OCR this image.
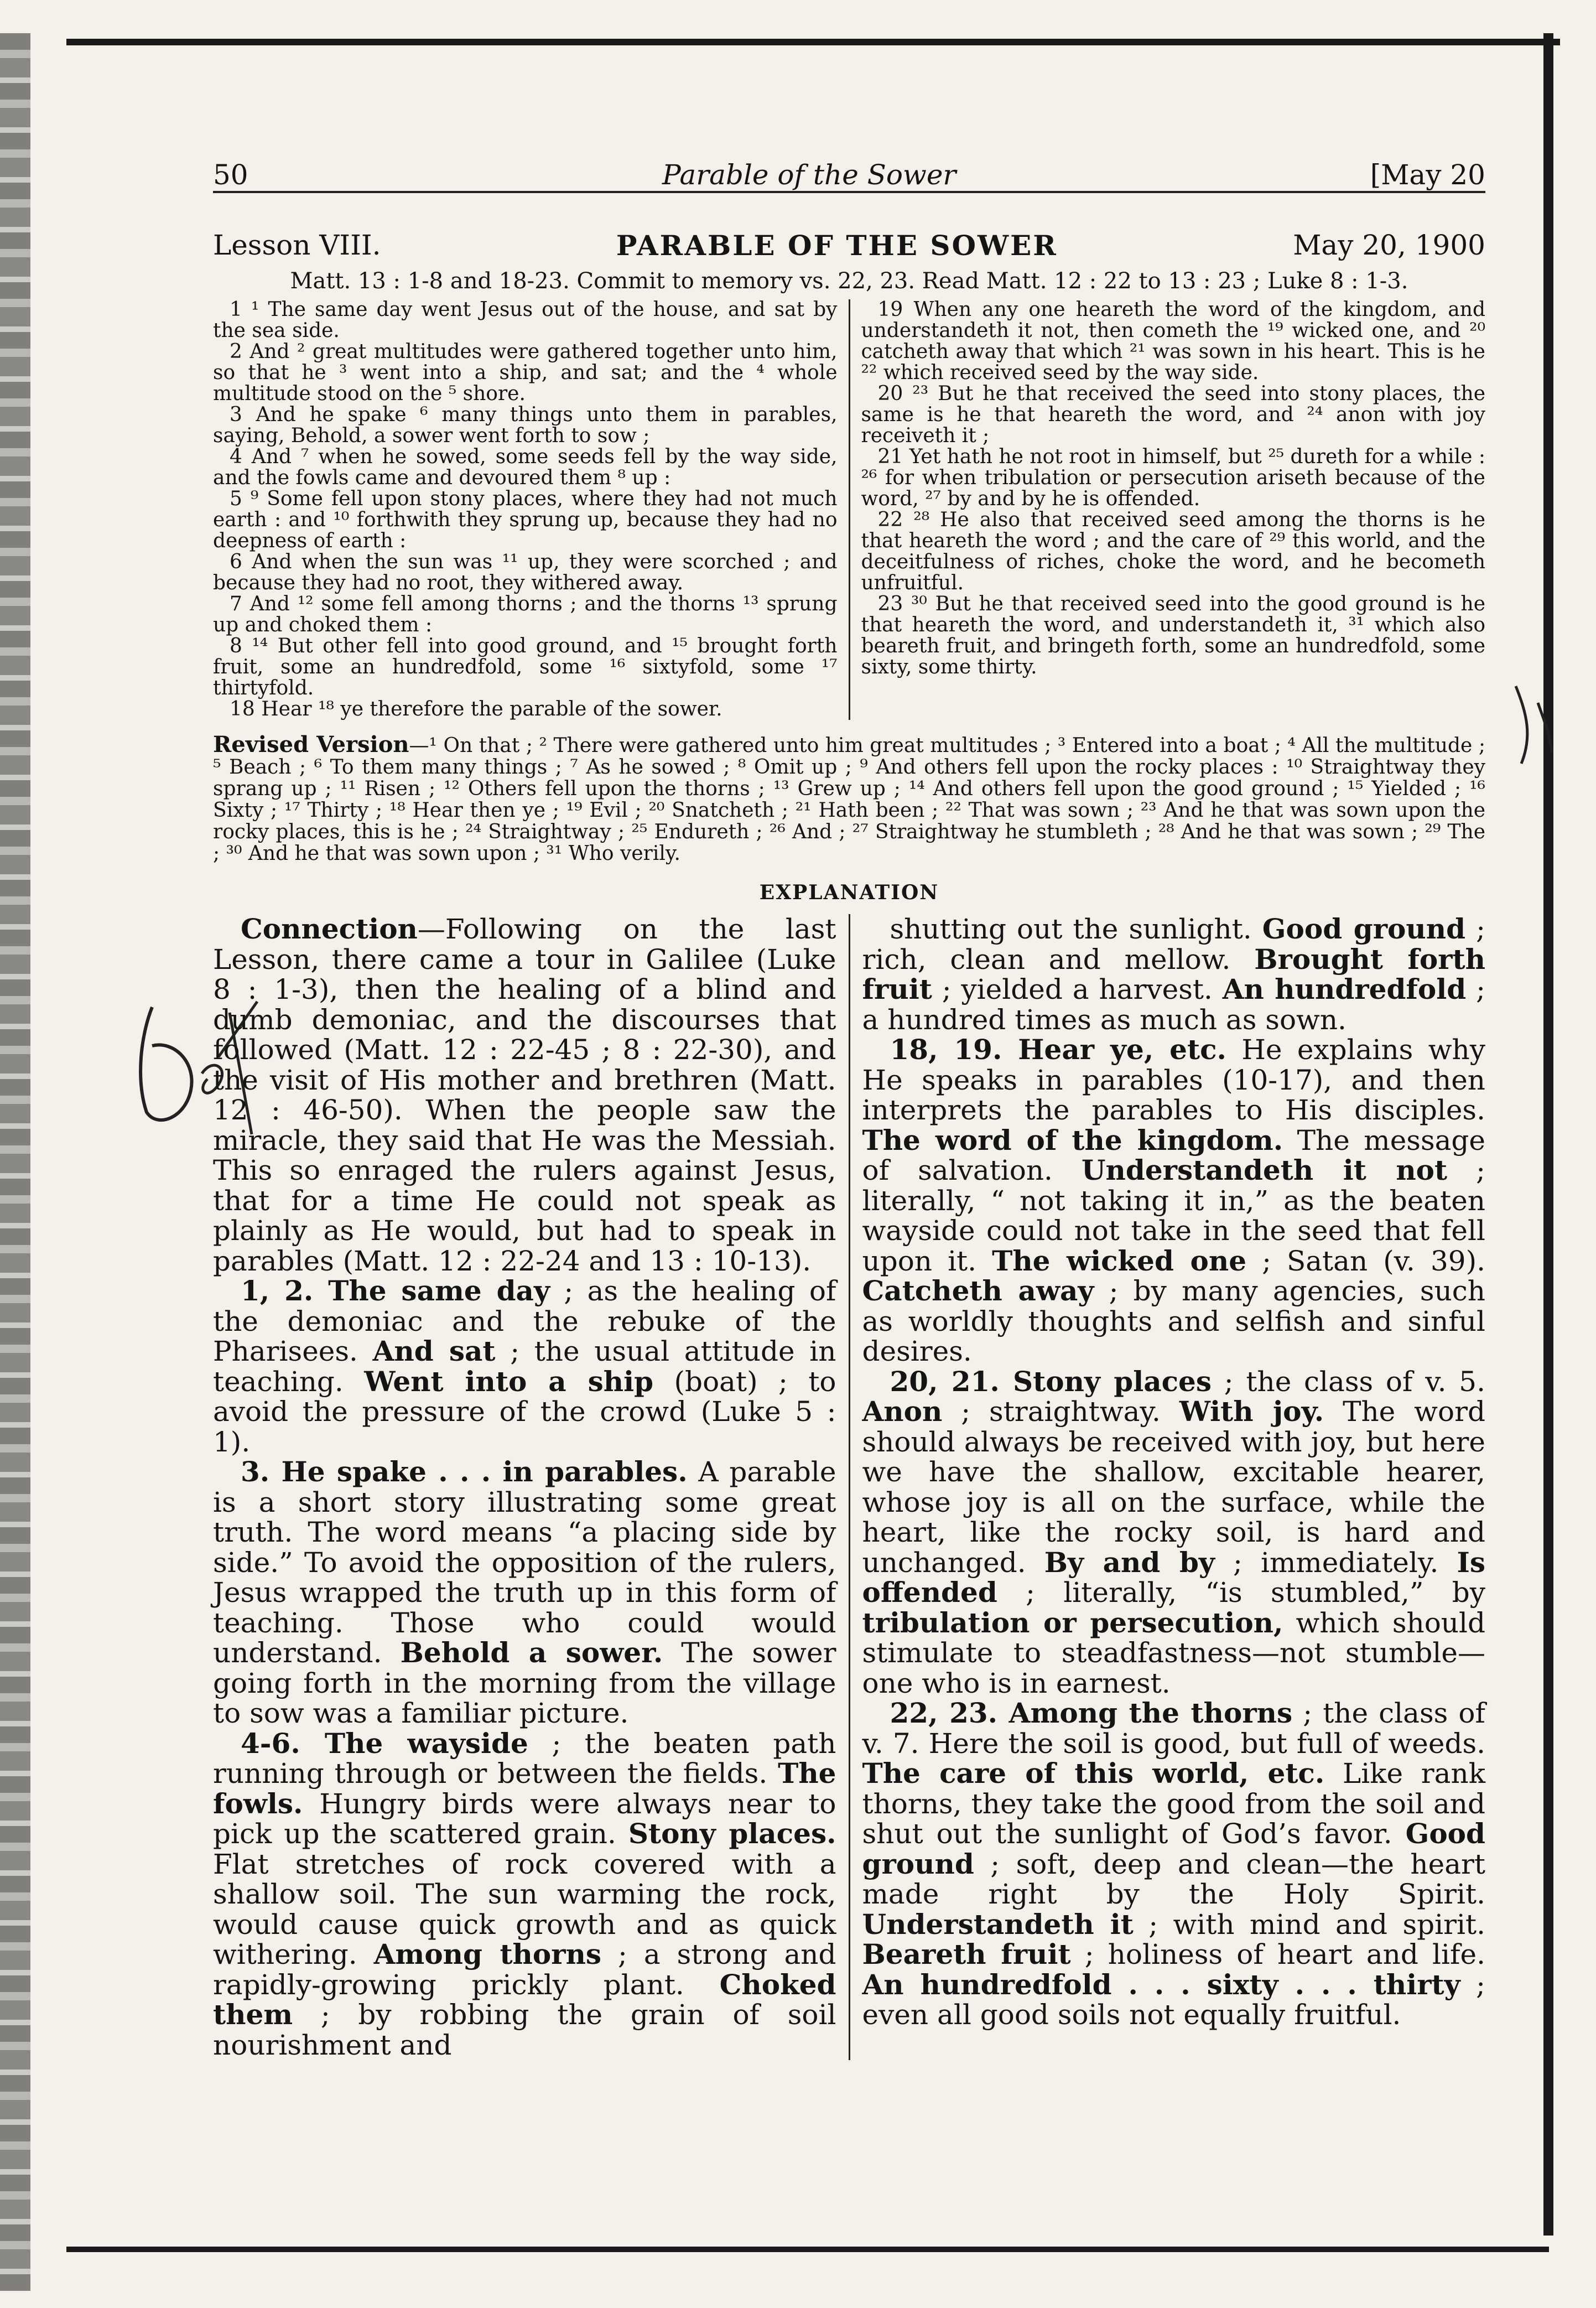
50	Parable of the Sower	[May 20
Lesson VIII.	PARABLE OF THE SOWER	May 20, 1900
Matt. 13 : 1-8 and 18-23. Commit to memory vs. 22, 23. Read Matt. 12 : 22 to 13 : 23 ; Luke 8 : 1-3.

1 ¹ The same day went Jesus out of the house, and sat by the sea side.

2 And ² great multitudes were gathered together unto him, so that he ³ went into a ship, and sat; and the ⁴ whole multitude stood on the ⁵ shore.

3 And he spake ⁶ many things unto them in parables, saying, Behold, a sower went forth to sow ;

4 And ⁷ when he sowed, some seeds fell by the way side, and the fowls came and devoured them ⁸ up :

5 ⁹ Some fell upon stony places, where they had not much earth : and ¹⁰ forthwith they sprung up, because they had no deepness of earth :

6 And when the sun was ¹¹ up, they were scorched ; and because they had no root, they withered away.

7 And ¹² some fell among thorns ; and the thorns ¹³ sprung up and choked them :

8 ¹⁴ But other fell into good ground, and ¹⁵ brought forth fruit, some an hundredfold, some ¹⁶ sixtyfold, some ¹⁷ thirtyfold.

18 Hear ¹⁸ ye therefore the parable of the sower.

19 When any one heareth the word of the kingdom, and understandeth it not, then cometh the ¹⁹ wicked one, and ²⁰ catcheth away that which ²¹ was sown in his heart. This is he ²² which received seed by the way side.

20 ²³ But he that received the seed into stony places, the same is he that heareth the word, and ²⁴ anon with joy receiveth it ;

21 Yet hath he not root in himself, but ²⁵ dureth for a while : ²⁶ for when tribulation or persecution ariseth because of the word, ²⁷ by and by he is offended.

22 ²⁸ He also that received seed among the thorns is he that heareth the word ; and the care of ²⁹ this world, and the deceitfulness of riches, choke the word, and he becometh unfruitful.

23 ³⁰ But he that received seed into the good ground is he that heareth the word, and understandeth it, ³¹ which also beareth fruit, and bringeth forth, some an hundredfold, some sixty, some thirty.

Revised Version—¹ On that ; ² There were gathered unto him great multitudes ; ³ Entered into a boat ; ⁴ All the multitude ; ⁵ Beach ; ⁶ To them many things ; ⁷ As he sowed ; ⁸ Omit up ; ⁹ And others fell upon the rocky places : ¹⁰ Straightway they sprang up ; ¹¹ Risen ; ¹² Others fell upon the thorns ; ¹³ Grew up ; ¹⁴ And others fell upon the good ground ; ¹⁵ Yielded ; ¹⁶ Sixty ; ¹⁷ Thirty ; ¹⁸ Hear then ye ; ¹⁹ Evil ; ²⁰ Snatcheth ; ²¹ Hath been ; ²² That was sown ; ²³ And he that was sown upon the rocky places, this is he ; ²⁴ Straightway ; ²⁵ Endureth ; ²⁶ And ; ²⁷ Straightway he stumbleth ; ²⁸ And he that was sown ; ²⁹ The ; ³⁰ And he that was sown upon ; ³¹ Who verily.
EXPLANATION

Connection—Following on the last Lesson, there came a tour in Galilee (Luke 8 : 1-3), then the healing of a blind and dumb demoniac, and the discourses that followed (Matt. 12 : 22-45 ; 8 : 22-30), and the visit of His mother and brethren (Matt. 12 : 46-50). When the people saw the miracle, they said that He was the Messiah. This so enraged the rulers against Jesus, that for a time He could not speak as plainly as He would, but had to speak in parables (Matt. 12 : 22-24 and 13 : 10-13).

1, 2. The same day ; as the healing of the demoniac and the rebuke of the Pharisees. And sat ; the usual attitude in teaching. Went into a ship (boat) ; to avoid the pressure of the crowd (Luke 5 : 1).

3. He spake . . . in parables. A parable is a short story illustrating some great truth. The word means “a placing side by side.” To avoid the opposition of the rulers, Jesus wrapped the truth up in this form of teaching. Those who could would understand. Behold a sower. The sower going forth in the morning from the village to sow was a familiar picture.

4-6. The wayside ; the beaten path running through or between the fields. The fowls. Hungry birds were always near to pick up the scattered grain. Stony places. Flat stretches of rock covered with a shallow soil. The sun warming the rock, would cause quick growth and as quick withering. Among thorns ; a strong and rapidly-growing prickly plant. Choked them ; by robbing the grain of soil nourishment and

shutting out the sunlight. Good ground ; rich, clean and mellow. Brought forth fruit ; yielded a harvest. An hundredfold ; a hundred times as much as sown.

18, 19. Hear ye, etc. He explains why He speaks in parables (10-17), and then interprets the parables to His disciples. The word of the kingdom. The message of salvation. Understandeth it not ; literally, “ not taking it in,” as the beaten wayside could not take in the seed that fell upon it. The wicked one ; Satan (v. 39). Catcheth away ; by many agencies, such as worldly thoughts and selfish and sinful desires.

20, 21. Stony places ; the class of v. 5. Anon ; straightway. With joy. The word should always be received with joy, but here we have the shallow, excitable hearer, whose joy is all on the surface, while the heart, like the rocky soil, is hard and unchanged. By and by ; immediately. Is offended ; literally, “is stumbled,” by tribulation or persecution, which should stimulate to steadfastness—not stumble—one who is in earnest.

22, 23. Among the thorns ; the class of v. 7. Here the soil is good, but full of weeds. The care of this world, etc. Like rank thorns, they take the good from the soil and shut out the sunlight of God’s favor. Good ground ; soft, deep and clean—the heart made right by the Holy Spirit. Understandeth it ; with mind and spirit. Beareth fruit ; holiness of heart and life. An hundredfold . . . sixty . . . thirty ; even all good soils not equally fruitful.
